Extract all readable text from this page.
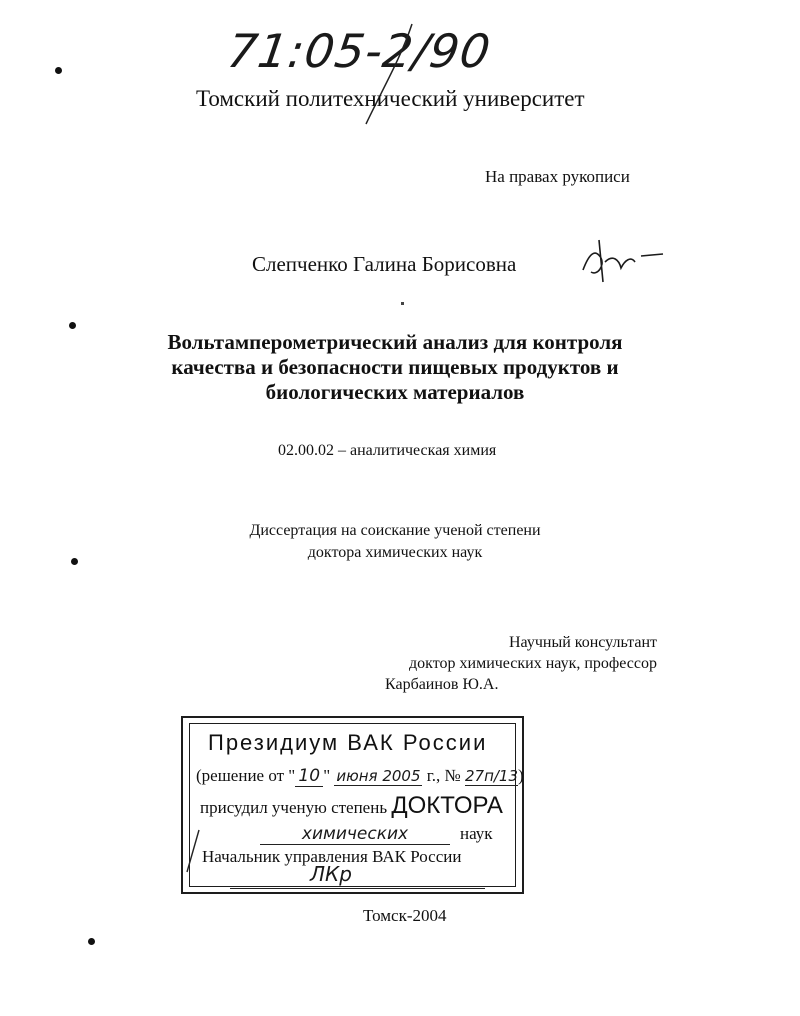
71:05-2/90
Томский политехнический университет
На правах рукописи
Слепченко Галина Борисовна
Вольтамперометрический анализ для контроля
качества и безопасности пищевых продуктов и
биологических материалов
02.00.02 – аналитическая химия
Диссертация на соискание ученой степени
доктора химических наук
Научный консультант
доктор химических наук, профессор
Карбаинов Ю.А.
Президиум ВАК России
(решение от " 10 " июня 2005 г., № 27п/13)
присудил ученую степень ДОКТОРА
химических	наук
Начальник управления ВАК России
ЛКр
Томск-2004
